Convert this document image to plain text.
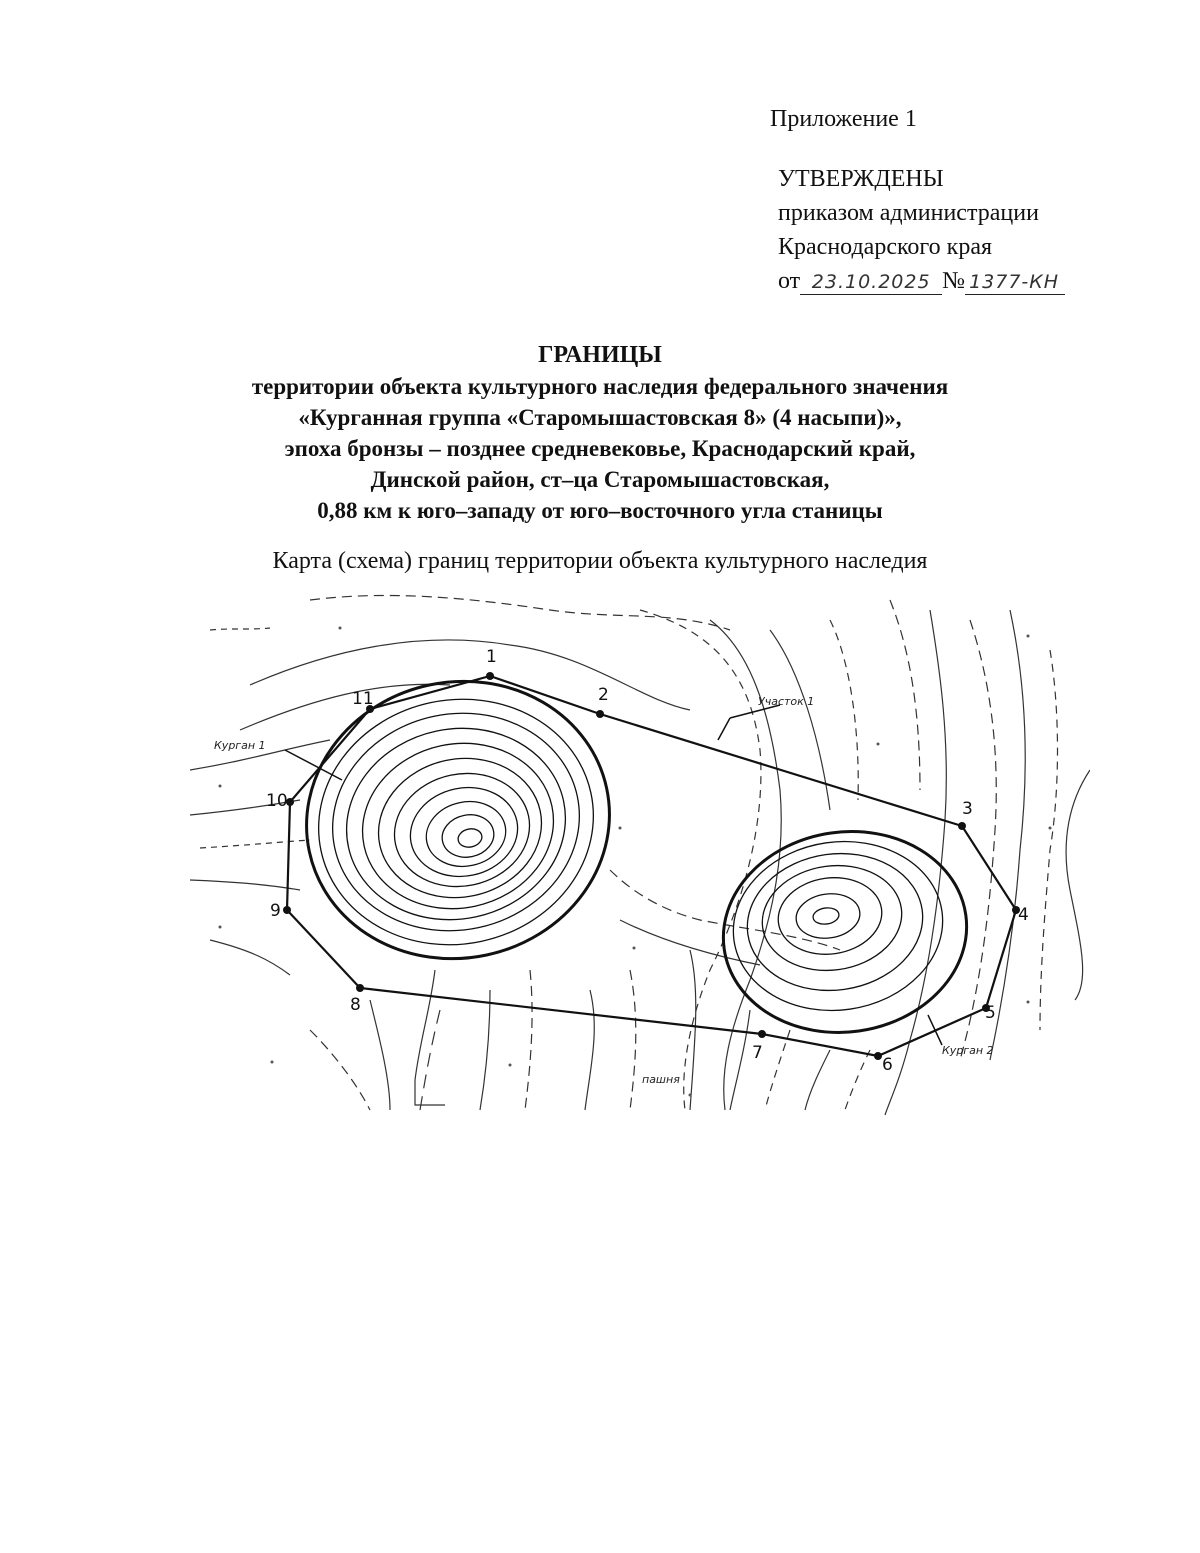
Приложение 1
УТВЕРЖДЕНЫ
приказом администрации
Краснодарского края
от 23.10.2025 № 1377-КН
ГРАНИЦЫ
территории объекта культурного наследия федерального значения
«Курганная группа «Старомышастовская 8» (4 насыпи)»,
эпоха бронзы – позднее средневековье, Краснодарский край,
Динской район, ст–ца Старомышастовская,
0,88 км к юго–западу от юго–восточного угла станицы
Карта (схема) границ территории объекта культурного наследия
1
2
3
4
5
6
7
8
9
10
11
Курган 1
Курган 2
пашня
Участок 1
